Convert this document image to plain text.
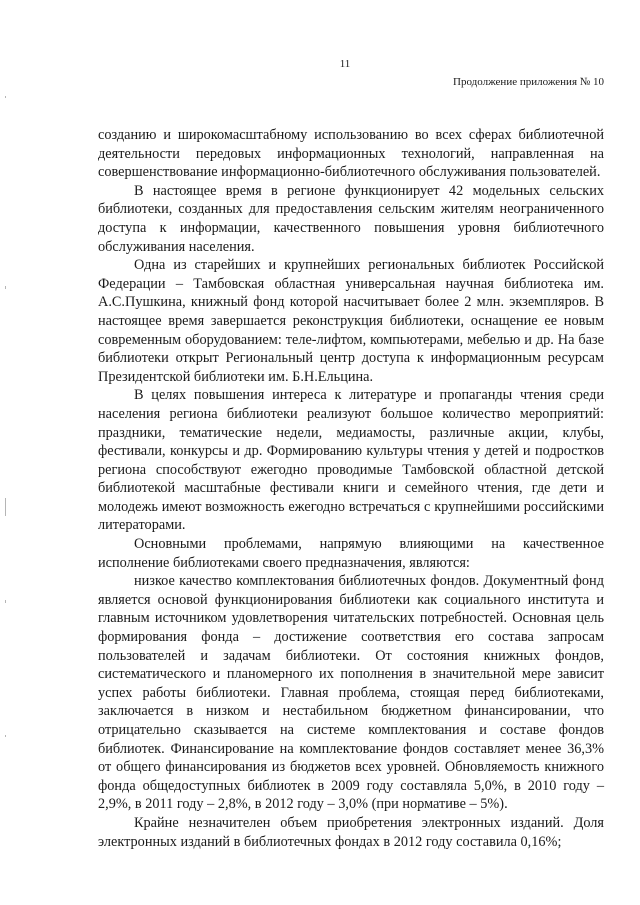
11
Продолжение приложения № 10

созданию и широкомасштабному использованию во всех сферах библиотечной деятельности передовых информационных технологий, направленная на совершенствование информационно-библиотечного обслуживания пользователей.

В настоящее время в регионе функционирует 42 модельных сельских библиотеки, созданных для предоставления сельским жителям неограниченного доступа к информации, качественного повышения уровня библиотечного обслуживания населения.

Одна из старейших и крупнейших региональных библиотек Российской Федерации – Тамбовская областная универсальная научная библиотека им. А.С.Пушкина, книжный фонд которой насчитывает более 2 млн. экземпляров. В настоящее время завершается реконструкция библиотеки, оснащение ее новым современным оборудованием: теле-лифтом, компьютерами, мебелью и др. На базе библиотеки открыт Региональный центр доступа к информационным ресурсам Президентской библиотеки им. Б.Н.Ельцина.

В целях повышения интереса к литературе и пропаганды чтения среди населения региона библиотеки реализуют большое количество мероприятий: праздники, тематические недели, медиамосты, различные акции, клубы, фестивали, конкурсы и др. Формированию культуры чтения у детей и подростков региона способствуют ежегодно проводимые Тамбовской областной детской библиотекой масштабные фестивали книги и семейного чтения, где дети и молодежь имеют возможность ежегодно встречаться с крупнейшими российскими литераторами.

Основными проблемами, напрямую влияющими на качественное исполнение библиотеками своего предназначения, являются:

низкое качество комплектования библиотечных фондов. Документный фонд является основой функционирования библиотеки как социального института и главным источником удовлетворения читательских потребностей. Основная цель формирования фонда – достижение соответствия его состава запросам пользователей и задачам библиотеки. От состояния книжных фондов, систематического и планомерного их пополнения в значительной мере зависит успех работы библиотеки. Главная проблема, стоящая перед библиотеками, заключается в низком и нестабильном бюджетном финансировании, что отрицательно сказывается на системе комплектования и составе фондов библиотек. Финансирование на комплектование фондов составляет менее 36,3% от общего финансирования из бюджетов всех уровней. Обновляемость книжного фонда общедоступных библиотек в 2009 году составляла 5,0%, в 2010 году – 2,9%, в 2011 году – 2,8%, в 2012 году – 3,0% (при нормативе – 5%).

Крайне незначителен объем приобретения электронных изданий. Доля электронных изданий в библиотечных фондах в 2012 году составила 0,16%;
